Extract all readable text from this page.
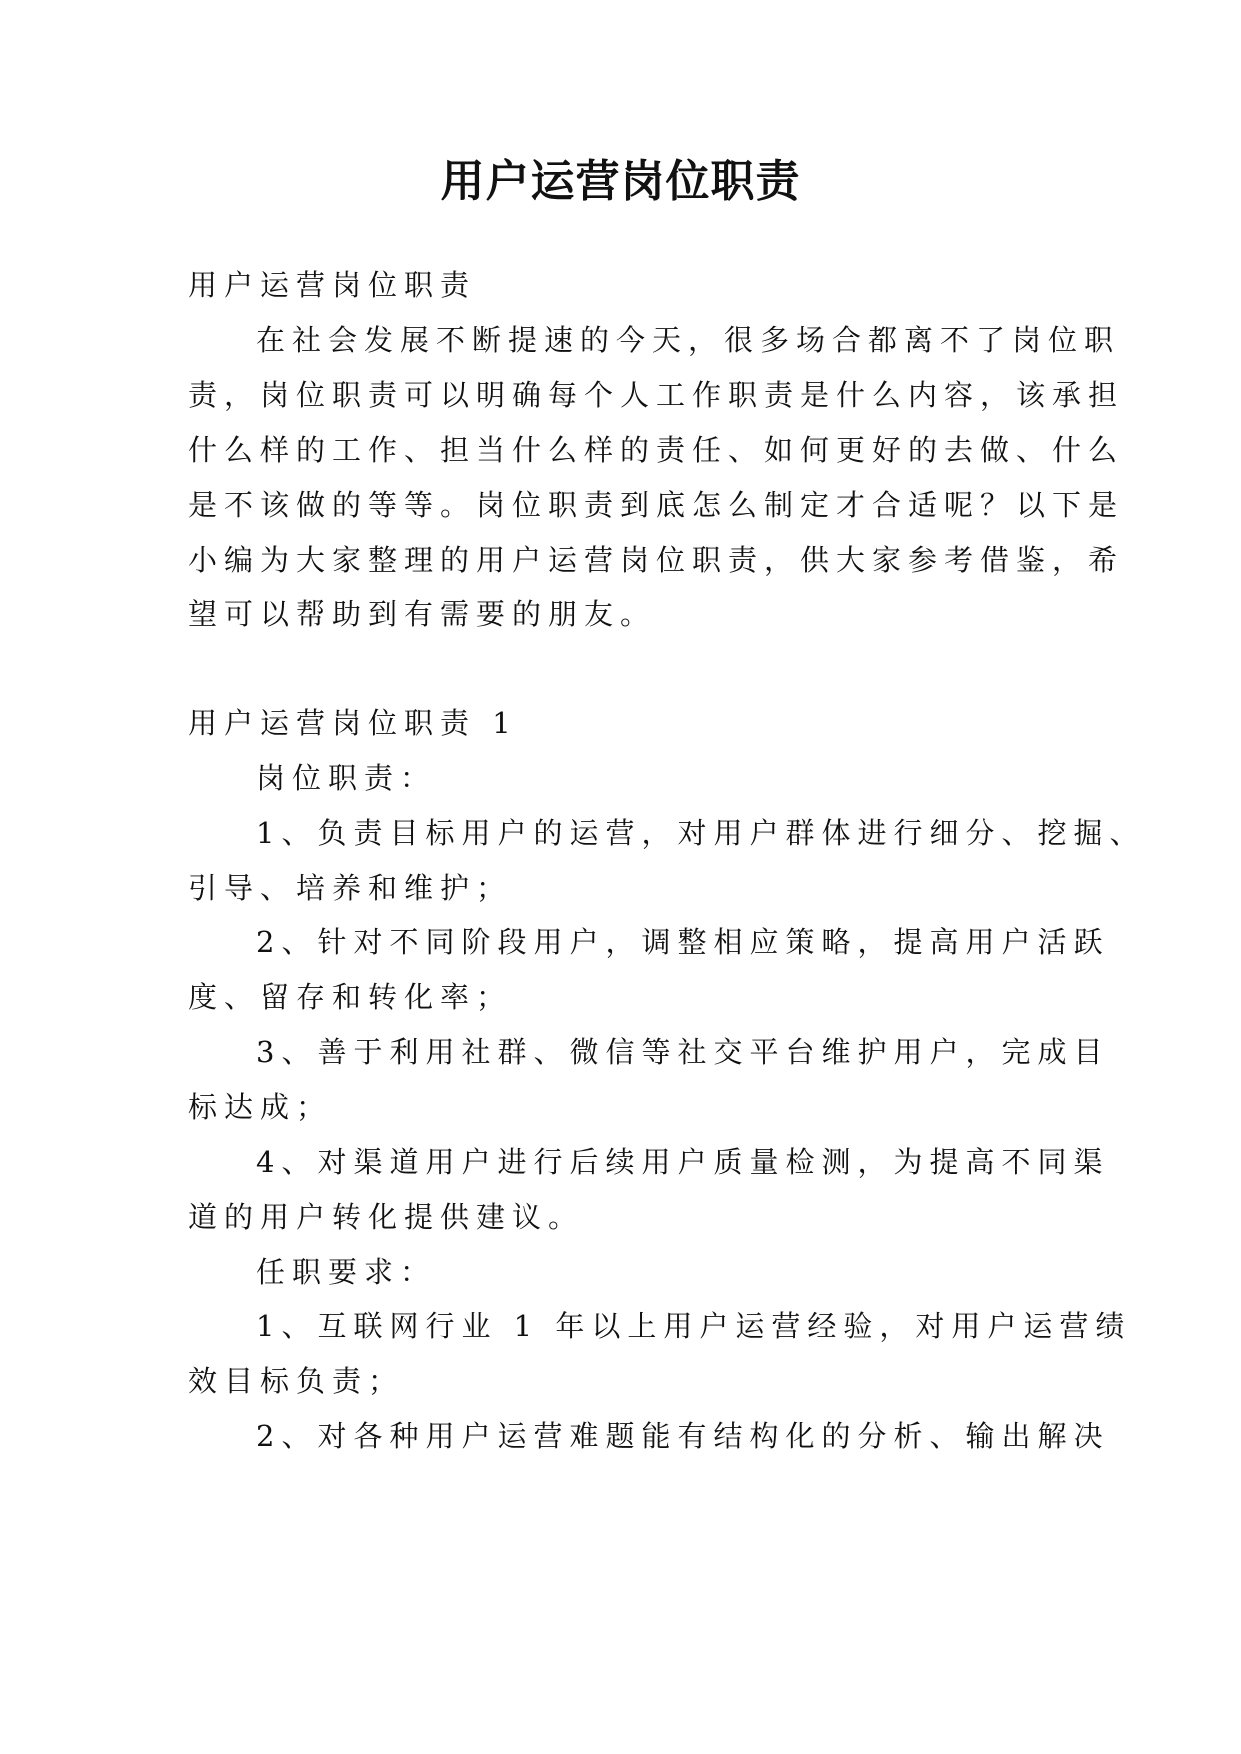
用户运营岗位职责
用户运营岗位职责
在社会发展不断提速的今天，很多场合都离不了岗位职
责，岗位职责可以明确每个人工作职责是什么内容，该承担
什么样的工作、担当什么样的责任、如何更好的去做、什么
是不该做的等等。岗位职责到底怎么制定才合适呢？以下是
小编为大家整理的用户运营岗位职责，供大家参考借鉴，希
望可以帮助到有需要的朋友。
用户运营岗位职责 1
岗位职责：
1、负责目标用户的运营，对用户群体进行细分、挖掘、
引导、培养和维护；
2、针对不同阶段用户，调整相应策略，提高用户活跃
度、留存和转化率；
3、善于利用社群、微信等社交平台维护用户，完成目
标达成；
4、对渠道用户进行后续用户质量检测，为提高不同渠
道的用户转化提供建议。
任职要求：
1、互联网行业 1 年以上用户运营经验，对用户运营绩
效目标负责；
2、对各种用户运营难题能有结构化的分析、输出解决
